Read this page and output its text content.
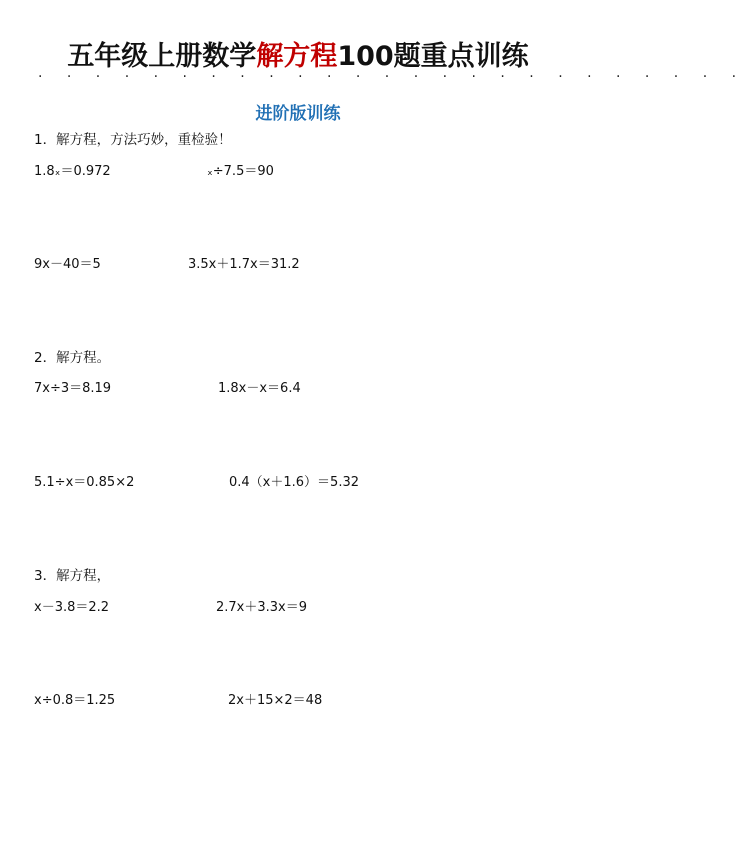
五年级上册数学解方程100题重点训练
· · · · · · · · · · · · · · · · · · · · · · · · ·
进阶版训练
1．解方程，方法巧妙，重检验！
1.8ₓ＝0.972	ₓ÷7.5＝90
9x－40＝5	3.5x＋1.7x＝31.2
2．解方程。
7x÷3＝8.19	1.8x－x＝6.4
5.1÷x＝0.85×2	0.4（x＋1.6）＝5.32
3．解方程，
x－3.8＝2.2	2.7x＋3.3x＝9
x÷0.8＝1.25	2x＋15×2＝48
